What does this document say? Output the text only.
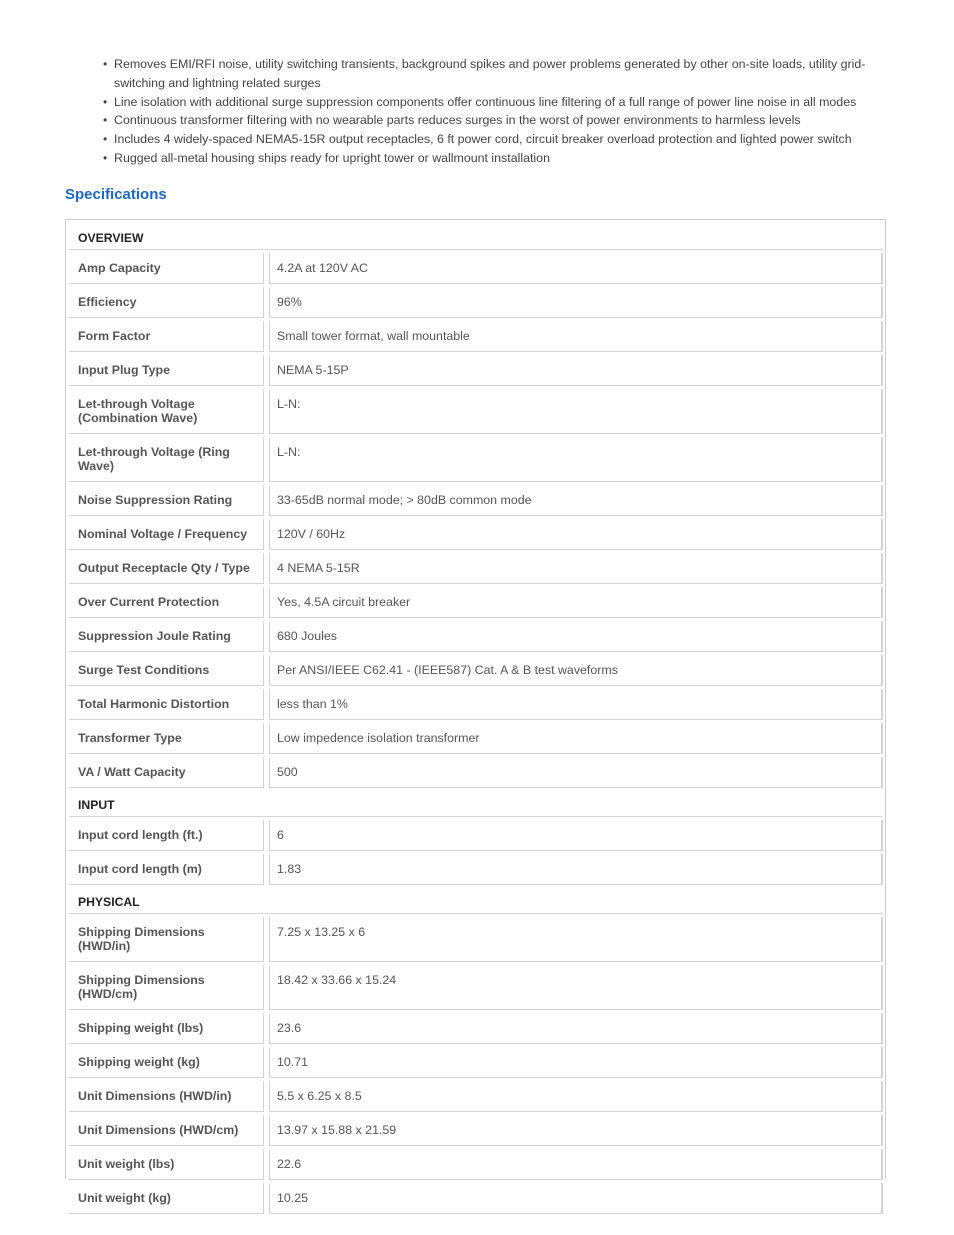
• Removes EMI/RFI noise, utility switching transients, background spikes and power problems generated by other on-site loads, utility grid-switching and lightning related surges
• Line isolation with additional surge suppression components offer continuous line filtering of a full range of power line noise in all modes
• Continuous transformer filtering with no wearable parts reduces surges in the worst of power environments to harmless levels
• Includes 4 widely-spaced NEMA5-15R output receptacles, 6 ft power cord, circuit breaker overload protection and lighted power switch
• Rugged all-metal housing ships ready for upright tower or wallmount installation
Specifications
OVERVIEW		
Amp Capacity		4.2A at 120V AC
Efficiency		96%
Form Factor		Small tower format, wall mountable
Input Plug Type		NEMA 5-15P
Let-through Voltage (Combination Wave)		L-N:
Let-through Voltage (Ring Wave)		L-N:
Noise Suppression Rating		33-65dB normal mode; > 80dB common mode
Nominal Voltage / Frequency		120V / 60Hz
Output Receptacle Qty / Type		4 NEMA 5-15R
Over Current Protection		Yes, 4.5A circuit breaker
Suppression Joule Rating		680 Joules
Surge Test Conditions		Per ANSI/IEEE C62.41 - (IEEE587) Cat. A & B test waveforms
Total Harmonic Distortion		less than 1%
Transformer Type		Low impedence isolation transformer
VA / Watt Capacity		500
INPUT		
Input cord length (ft.)		6
Input cord length (m)		1.83
PHYSICAL		
Shipping Dimensions (HWD/in)		7.25 x 13.25 x 6
Shipping Dimensions (HWD/cm)		18.42 x 33.66 x 15.24
Shipping weight (lbs)		23.6
Shipping weight (kg)		10.71
Unit Dimensions (HWD/in)		5.5 x 6.25 x 8.5
Unit Dimensions (HWD/cm)		13.97 x 15.88 x 21.59
Unit weight (lbs)		22.6
Unit weight (kg)		10.25
